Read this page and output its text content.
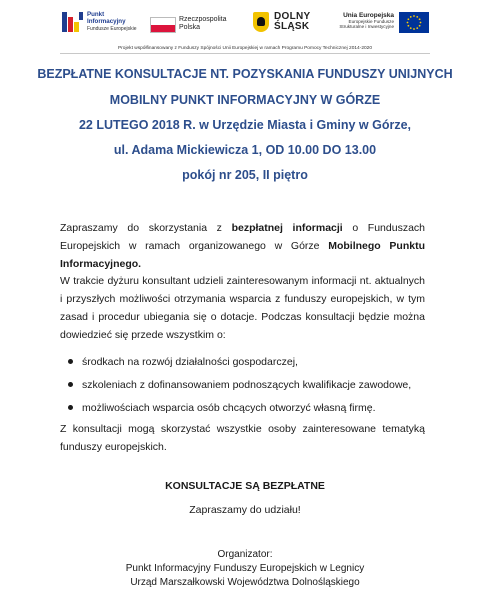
Punkt
Informacyjny
Fundusze Europejskie
Rzeczpospolita
Polska
DOLNY
ŚLĄSK
Unia Europejska
Europejskie Fundusze
Strukturalne i Inwestycyjne
Projekt współfinansowany z Funduszy Spójności Unii Europejskiej w ramach Programu Pomocy Technicznej 2014-2020
BEZPŁATNE KONSULTACJE NT. POZYSKANIA FUNDUSZY UNIJNYCH
MOBILNY PUNKT INFORMACYJNY W GÓRZE
22 LUTEGO 2018 R. w Urzędzie Miasta i Gminy w Górze,
ul. Adama Mickiewicza 1, OD 10.00 DO 13.00
pokój nr 205, II piętro
Zapraszamy do skorzystania z bezpłatnej informacji o Funduszach Europejskich w ramach organizowanego w Górze Mobilnego Punktu Informacyjnego.
W trakcie dyżuru konsultant udzieli zainteresowanym informacji nt. aktualnych i przyszłych możliwości otrzymania wsparcia z funduszy europejskich, w tym zasad i procedur ubiegania się o dotacje. Podczas konsultacji będzie można dowiedzieć się przede wszystkim o:
środkach na rozwój działalności gospodarczej,
szkoleniach z dofinansowaniem podnoszących kwalifikacje zawodowe,
możliwościach wsparcia osób chcących otworzyć własną firmę.
Z konsultacji mogą skorzystać wszystkie osoby zainteresowane tematyką funduszy europejskich.
KONSULTACJE SĄ BEZPŁATNE
Zapraszamy do udziału!
Organizator:
Punkt Informacyjny Funduszy Europejskich w Legnicy
Urząd Marszałkowski Województwa Dolnośląskiego
